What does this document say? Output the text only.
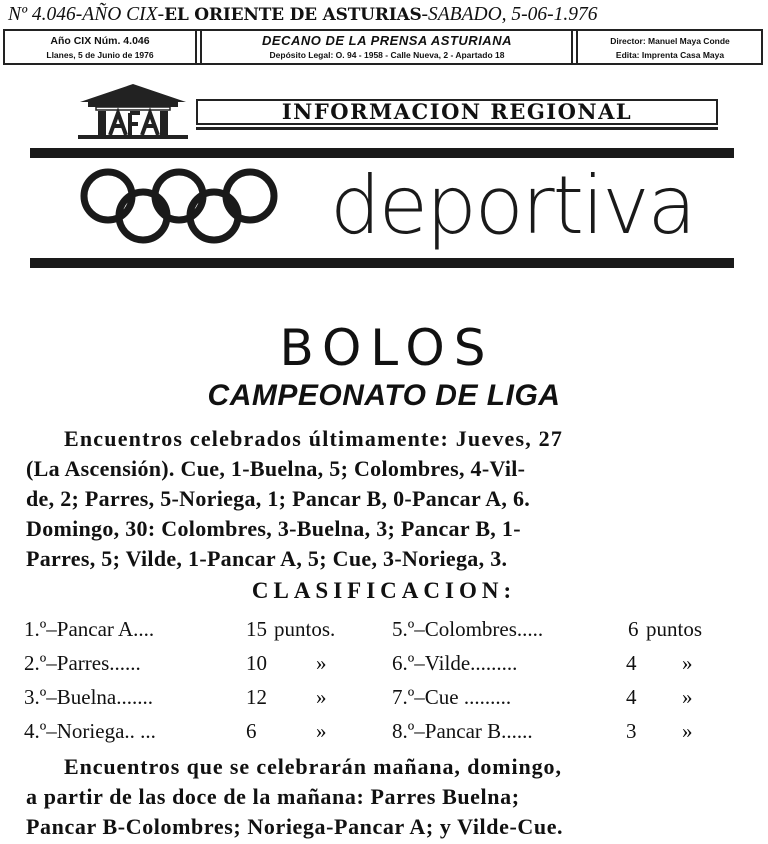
Nº 4.046-AÑO CIX-EL ORIENTE DE ASTURIAS-SABADO, 5-06-1.976
Año CIX Núm. 4.046
Llanes, 5 de Junio de 1976
DECANO DE LA PRENSA ASTURIANA
Depósito Legal: O. 94 - 1958 - Calle Nueva, 2 - Apartado 18
Director: Manuel Maya Conde
Edita: Imprenta Casa Maya
INFORMACION REGIONAL
deportiva
BOLOS
CAMPEONATO DE LIGA
Encuentros celebrados últimamente: Jueves, 27
(La Ascensión). Cue, 1-Buelna, 5; Colombres, 4-Vil-
de, 2; Parres, 5-Noriega, 1; Pancar B, 0-Pancar A, 6.
Domingo, 30: Colombres, 3-Buelna, 3; Pancar B, 1-
Parres, 5; Vilde, 1-Pancar A, 5; Cue, 3-Noriega, 3.
CLASIFICACION:
1.º–Pancar A....	15 puntos.	5.º–Colombres.....	6 puntos
2.º–Parres......	10 »	6.º–Vilde.........	4 »
3.º–Buelna.......	12 »	7.º–Cue .........	4 »
4.º–Noriega.. ...	6	»	8.º–Pancar B......	3 »
Encuentros que se celebrarán mañana, domingo,
a partir de las doce de la mañana: Parres Buelna;
Pancar B-Colombres; Noriega-Pancar A; y Vilde-Cue.
